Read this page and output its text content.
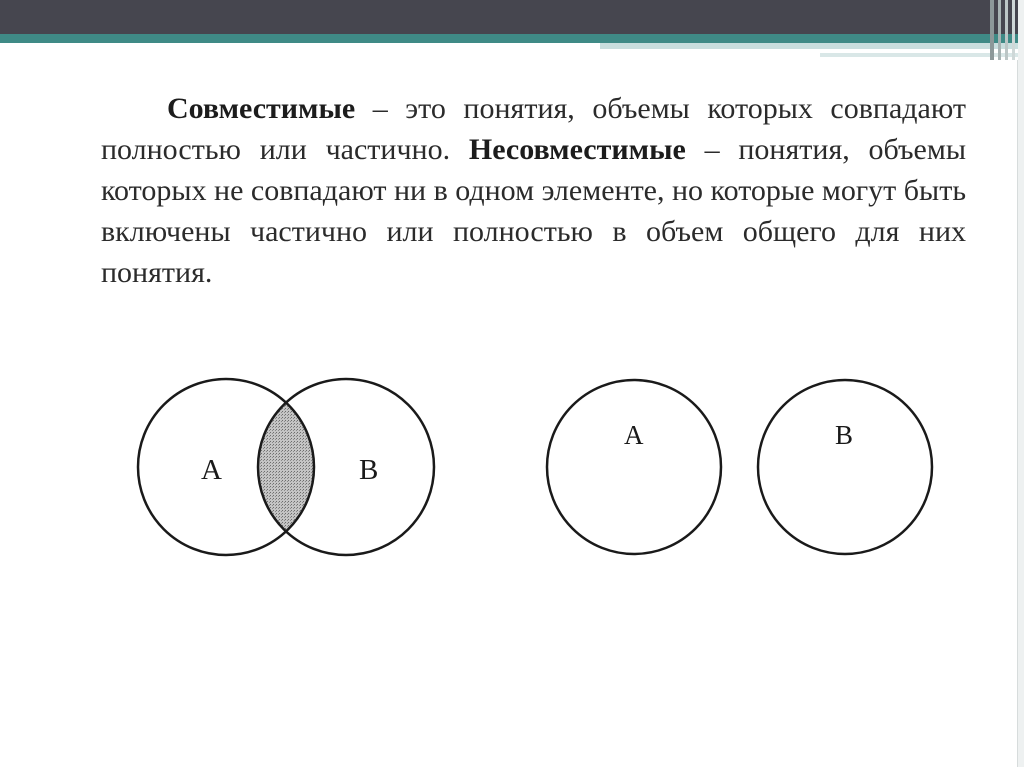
Совместимые – это понятия, объемы которых совпадают полностью или частично. Несовместимые – понятия, объемы которых не совпадают ни в одном элементе, но которые могут быть включены частично или полностью в объем общего для них понятия.

A	B
A	B
